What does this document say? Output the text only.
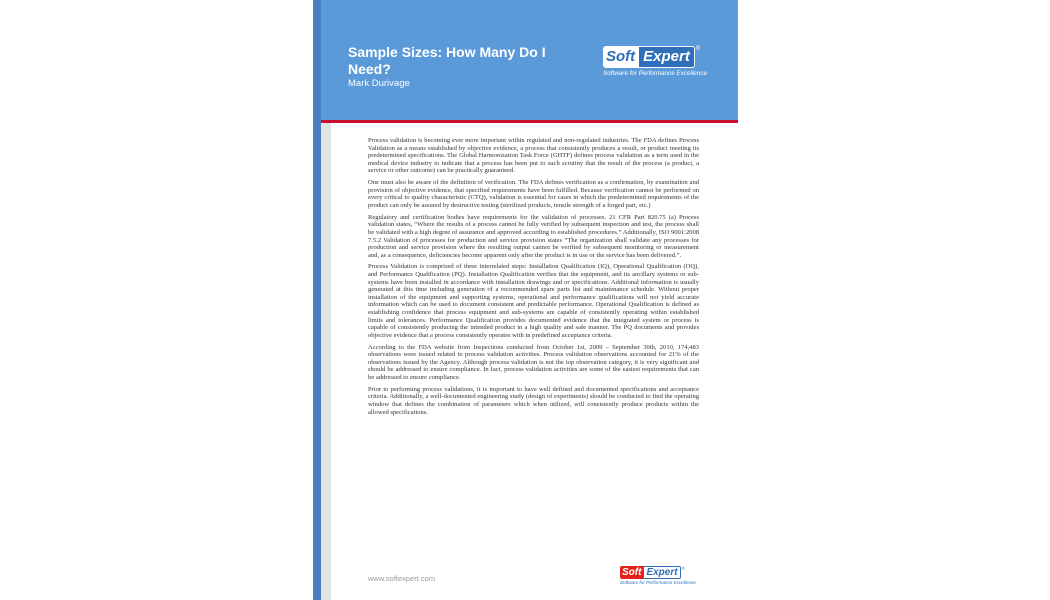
Sample Sizes: How Many Do I Need?
Mark Durivage
Soft Expert	®
Software for Performance Excellence

Process validation is becoming ever more important within regulated and non-regulated industries. The FDA defines Process Validation as a means established by objective evidence, a process that consistently produces a result, or product meeting its predetermined specifications. The Global Harmonization Task Force (GHTF) defines process validation as a term used in the medical device industry to indicate that a process has been put to such scrutiny that the result of the process (a product, a service or other outcome) can be practically guaranteed.

One must also be aware of the definition of verification. The FDA defines verification as a confirmation, by examination and provision of objective evidence, that specified requirements have been fulfilled. Because verification cannot be performed on every critical to quality characteristic (CTQ), validation is essential for cases in which the predetermined requirements of the product can only be assured by destructive testing (sterilized products, tensile strength of a forged part, etc.)

Regulatory and certification bodies have requirements for the validation of processes. 21 CFR Part 820.75 (a) Process validation states, “Where the results of a process cannot be fully verified by subsequent inspection and test, the process shall be validated with a high degree of assurance and approved according to established procedures.” Additionally, ISO 9001:2008 7.5.2 Validation of processes for production and service provision states “The organization shall validate any processes for production and service provision where the resulting output cannot be verified by subsequent monitoring or measurement and, as a consequence, deficiencies become apparent only after the product is in use or the service has been delivered.”.

Process Validation is comprised of three interrelated steps: Installation Qualification (IQ), Operational Qualification (OQ), and Performance Qualification (PQ). Installation Qualification verifies that the equipment, and its ancillary systems or sub-systems have been installed in accordance with installation drawings and or specifications. Additional information is usually generated at this time including generation of a recommended spare parts list and maintenance schedule. Without proper installation of the equipment and supporting systems, operational and performance qualifications will not yield accurate information which can be used to document consistent and predictable performance. Operational Qualification is defined as establishing confidence that process equipment and sub-systems are capable of consistently operating within established limits and tolerances. Performance Qualification provides documented evidence that the integrated system or process is capable of consistently producing the intended product in a high quality and safe manner. The PQ documents and provides objective evidence that a process consistently operates with in predefined acceptance criteria.

According to the FDA website from Inspections conducted from October 1st, 2009 – September 30th, 2010, 174,483 observations were issued related to process validation activities. Process validation observations accounted for 21% of the observations issued by the Agency. Although process validation is not the top observation category, it is very significant and should be addressed to ensure compliance. In fact, process validation activities are some of the easiest requirements that can be addressed to ensure compliance.

Prior to performing process validations, it is important to have well defined and documented specifications and acceptance criteria. Additionally, a well-documented engineering study (design of experiments) should be conducted to find the operating window that defines the combination of parameters which when utilized, will consistently produce products within the allowed specifications.

www.softexpert.com
Soft Expert ®
Software for Performance Excellence
